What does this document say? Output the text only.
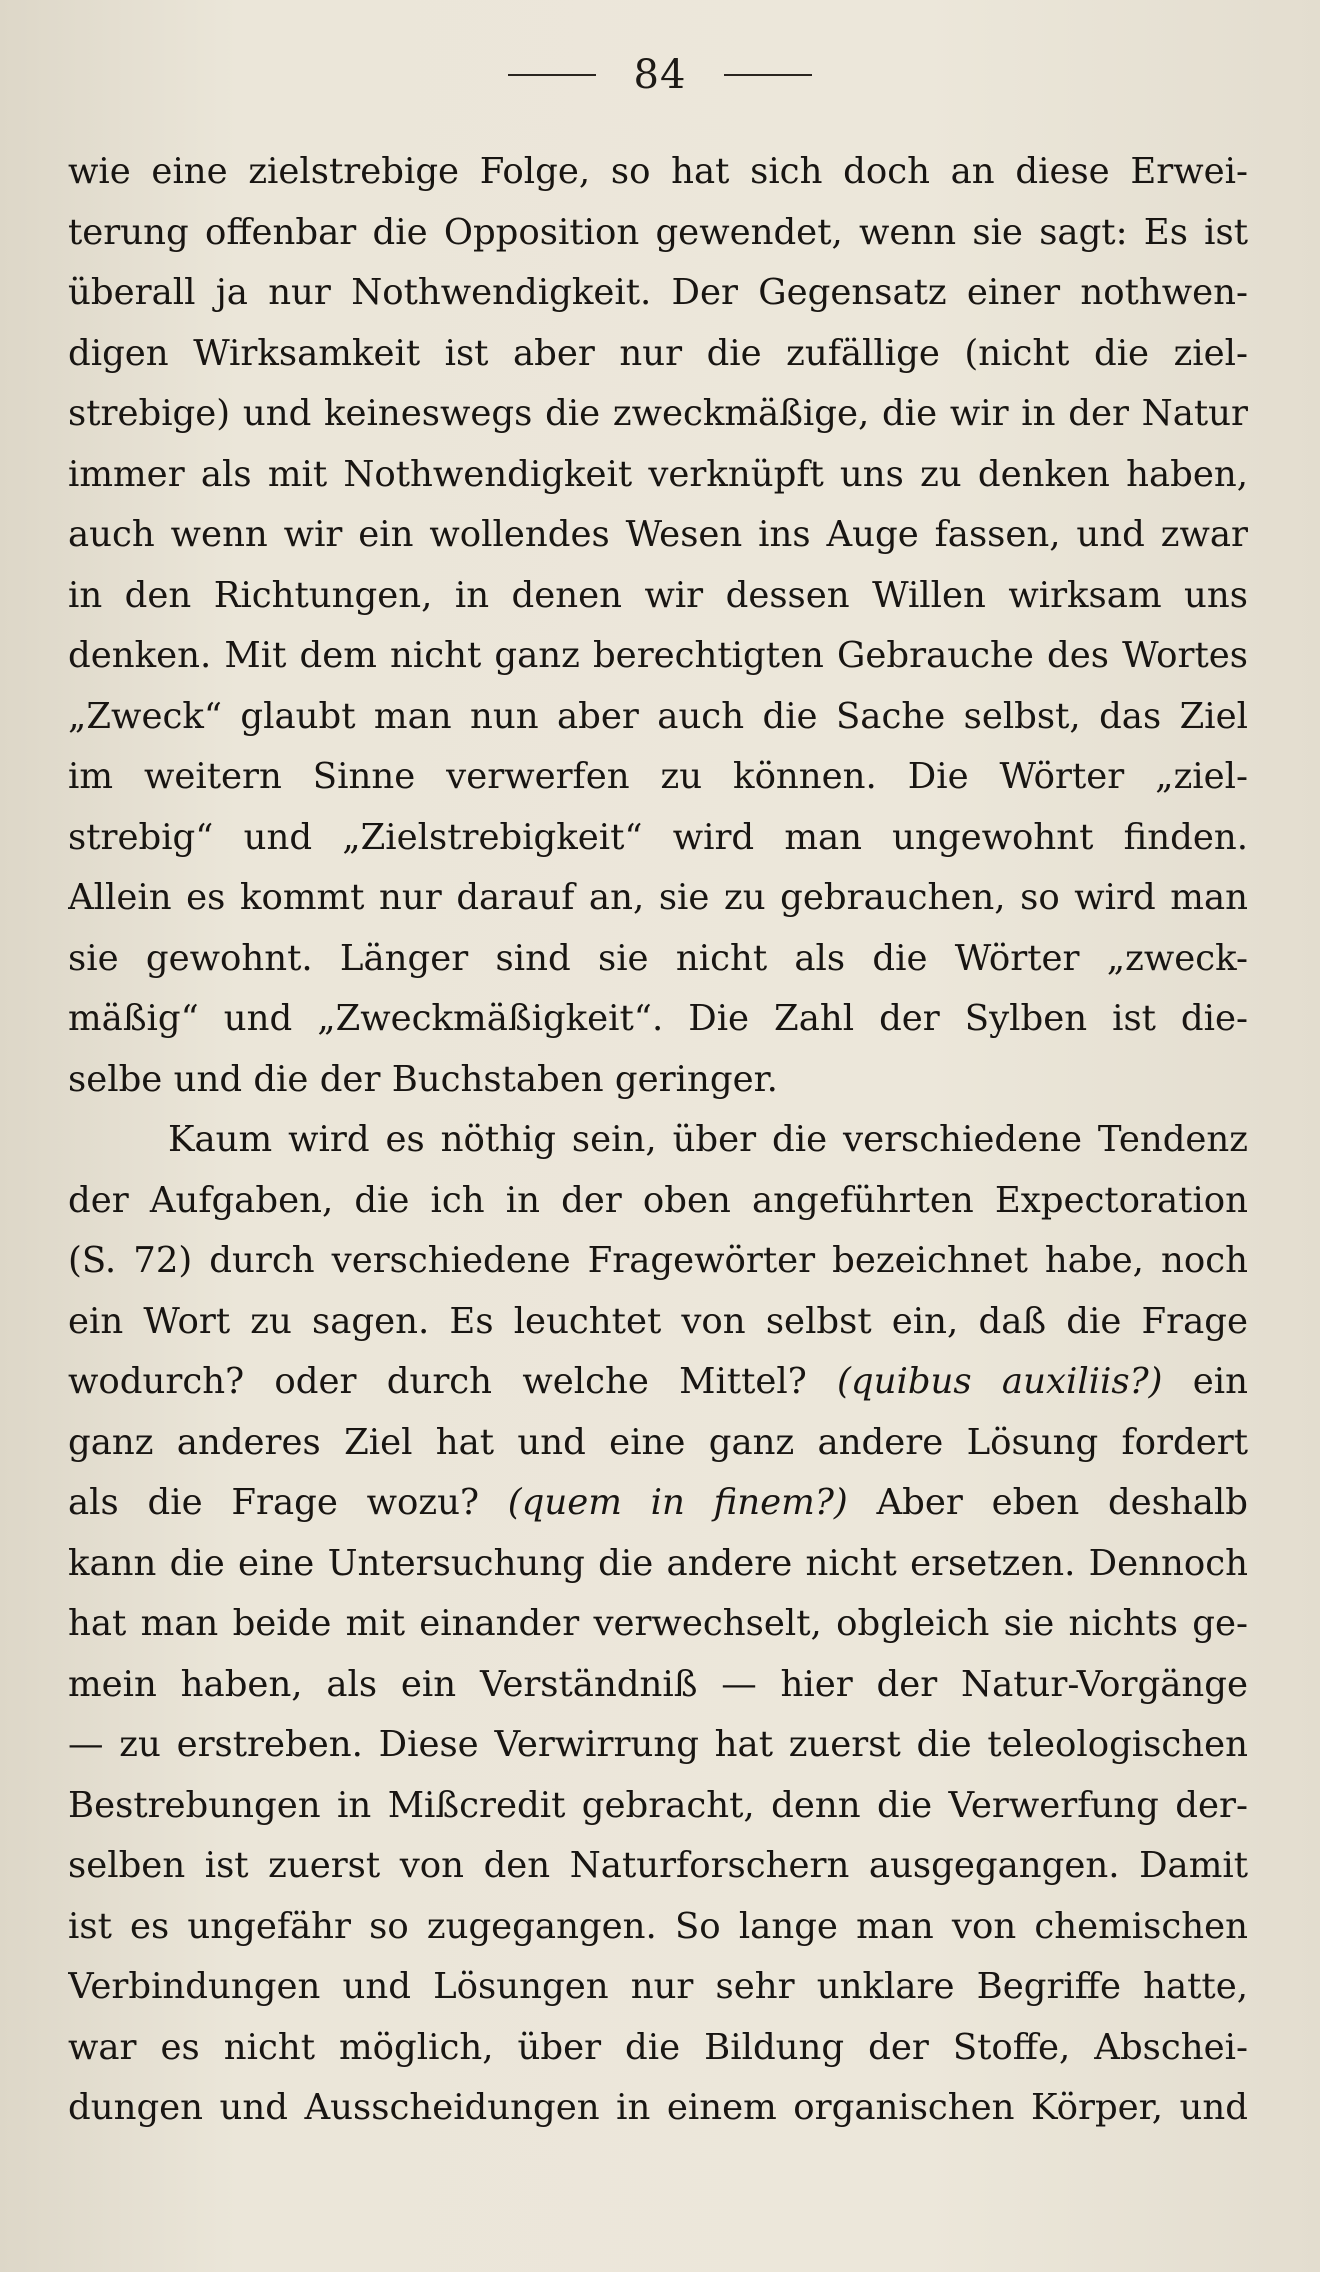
84
wie eine zielstrebige Folge, so hat sich doch an diese Erwei-
terung offenbar die Opposition gewendet, wenn sie sagt: Es ist
überall ja nur Nothwendigkeit. Der Gegensatz einer nothwen-
digen Wirksamkeit ist aber nur die zufällige (nicht die ziel-
strebige) und keineswegs die zweckmäßige, die wir in der Natur
immer als mit Nothwendigkeit verknüpft uns zu denken haben,
auch wenn wir ein wollendes Wesen ins Auge fassen, und zwar
in den Richtungen, in denen wir dessen Willen wirksam uns
denken. Mit dem nicht ganz berechtigten Gebrauche des Wortes
„Zweck“ glaubt man nun aber auch die Sache selbst, das Ziel
im weitern Sinne verwerfen zu können. Die Wörter „ziel-
strebig“ und „Zielstrebigkeit“ wird man ungewohnt finden.
Allein es kommt nur darauf an, sie zu gebrauchen, so wird man
sie gewohnt. Länger sind sie nicht als die Wörter „zweck-
mäßig“ und „Zweckmäßigkeit“. Die Zahl der Sylben ist die-
selbe und die der Buchstaben geringer.
Kaum wird es nöthig sein, über die verschiedene Tendenz
der Aufgaben, die ich in der oben angeführten Expectoration
(S. 72) durch verschiedene Fragewörter bezeichnet habe, noch
ein Wort zu sagen. Es leuchtet von selbst ein, daß die Frage
wodurch? oder durch welche Mittel? (quibus auxiliis?) ein
ganz anderes Ziel hat und eine ganz andere Lösung fordert
als die Frage wozu? (quem in finem?) Aber eben deshalb
kann die eine Untersuchung die andere nicht ersetzen. Dennoch
hat man beide mit einander verwechselt, obgleich sie nichts ge-
mein haben, als ein Verständniß — hier der Natur-Vorgänge
— zu erstreben. Diese Verwirrung hat zuerst die teleologischen
Bestrebungen in Mißcredit gebracht, denn die Verwerfung der-
selben ist zuerst von den Naturforschern ausgegangen. Damit
ist es ungefähr so zugegangen. So lange man von chemischen
Verbindungen und Lösungen nur sehr unklare Begriffe hatte,
war es nicht möglich, über die Bildung der Stoffe, Abschei-
dungen und Ausscheidungen in einem organischen Körper, und
